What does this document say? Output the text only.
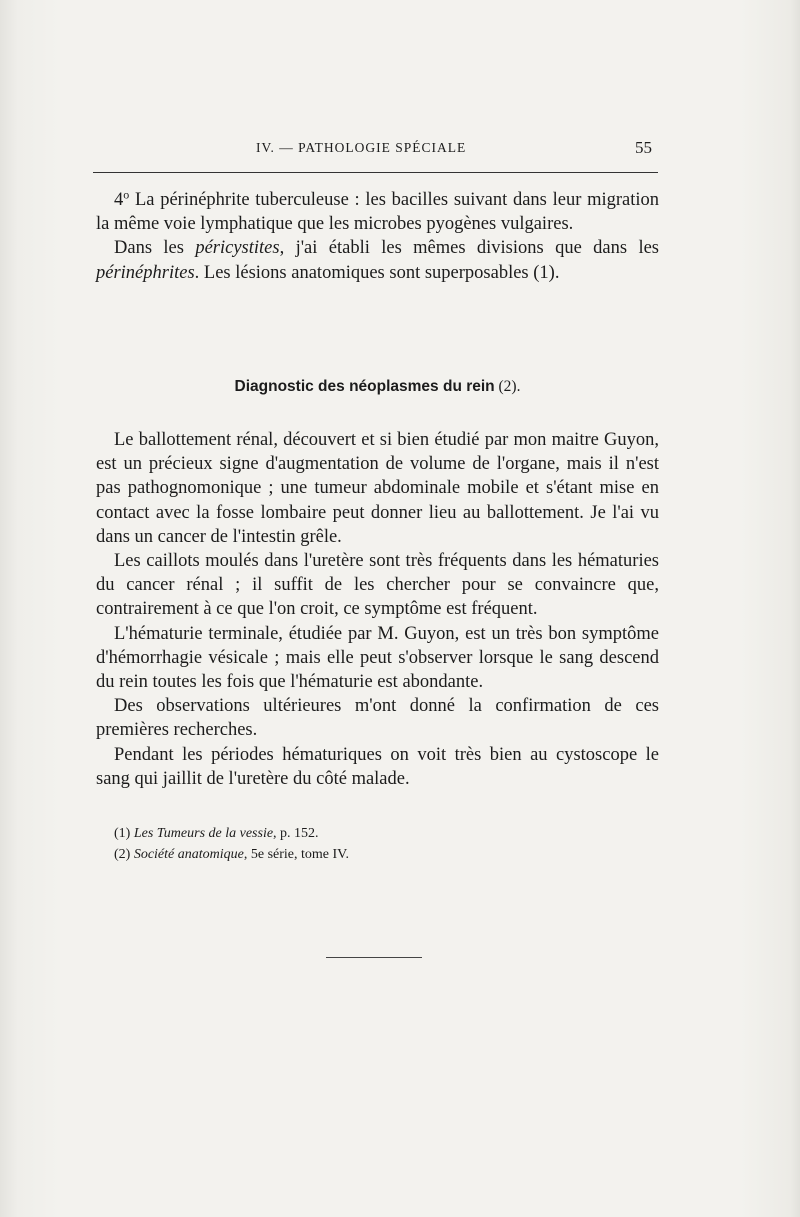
IV. — PATHOLOGIE SPÉCIALE	55

4$^o$ La périnéphrite tuberculeuse : les bacilles suivant dans leur migration la même voie lymphatique que les microbes pyogènes vulgaires.

Dans les péricystites, j'ai établi les mêmes divisions que dans les périnéphrites. Les lésions anatomiques sont superposables (1).

Diagnostic des néoplasmes du rein (2).

Le ballottement rénal, découvert et si bien étudié par mon maitre Guyon, est un précieux signe d'augmentation de volume de l'organe, mais il n'est pas pathognomonique ; une tumeur abdominale mobile et s'étant mise en contact avec la fosse lombaire peut donner lieu au ballottement. Je l'ai vu dans un cancer de l'intestin grêle.

Les caillots moulés dans l'uretère sont très fréquents dans les hématuries du cancer rénal ; il suffit de les chercher pour se convaincre que, contrairement à ce que l'on croit, ce symptôme est fréquent.

L'hématurie terminale, étudiée par M. Guyon, est un très bon symptôme d'hémorrhagie vésicale ; mais elle peut s'observer lorsque le sang descend du rein toutes les fois que l'hématurie est abondante.

Des observations ultérieures m'ont donné la confirmation de ces premières recherches.

Pendant les périodes hématuriques on voit très bien au cystoscope le sang qui jaillit de l'uretère du côté malade.

(1) Les Tumeurs de la vessie, p. 152.
(2) Société anatomique, 5e série, tome IV.
